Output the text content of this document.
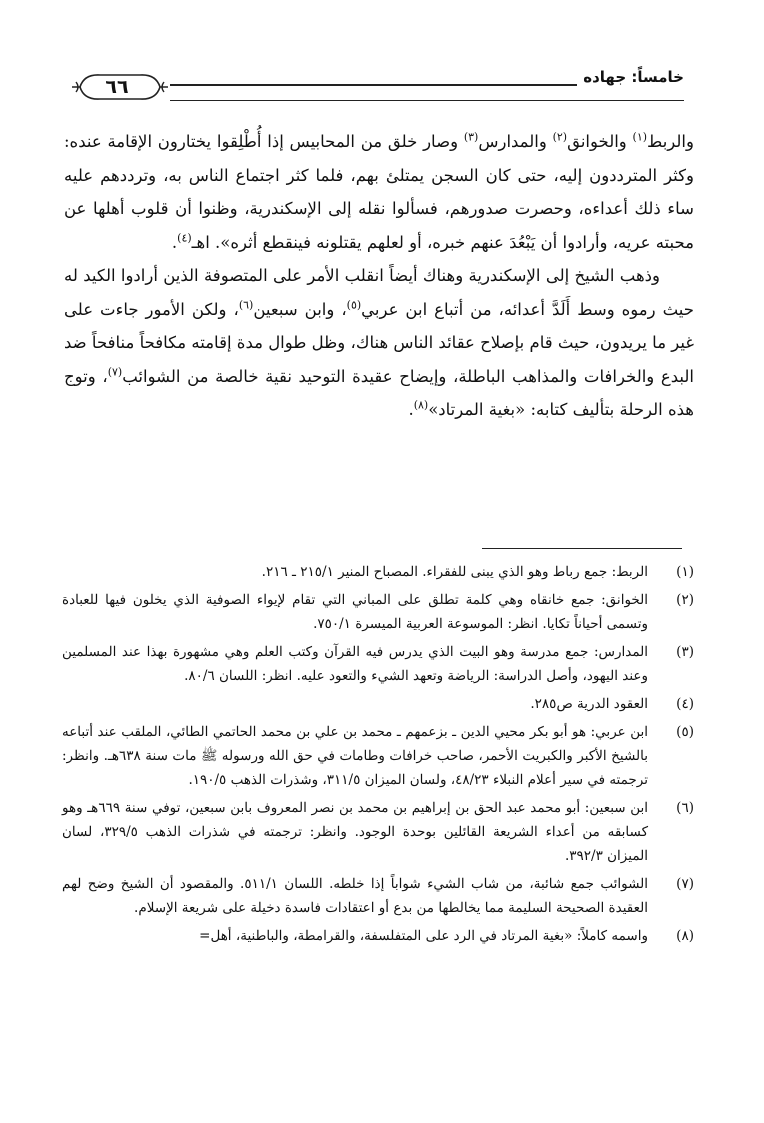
٦٦	خامساً: جهاده

والربط$^{(١)}$ والخوانق$^{(٢)}$ والمدارس$^{(٣)}$ وصار خلق من المحابيس إذا أُطْلِقوا يختارون الإقامة عنده: وكثر المترددون إليه، حتى كان السجن يمتلئ بهم، فلما كثر اجتماع الناس به، وترددهم عليه ساء ذلك أعداءه، وحصرت صدورهم، فسألوا نقله إلى الإسكندرية، وظنوا أن قلوب أهلها عن محبته عريه، وأرادوا أن يَبْعُدَ عنهم خبره، أو لعلهم يقتلونه فينقطع أثره». اهـ$^{(٤)}$.

وذهب الشيخ إلى الإسكندرية وهناك أيضاً انقلب الأمر على المتصوفة الذين أرادوا الكيد له حيث رموه وسط أَلَدَّ أعدائه، من أتباع ابن عربي$^{(٥)}$، وابن سبعين$^{(٦)}$، ولكن الأمور جاءت على غير ما يريدون، حيث قام بإصلاح عقائد الناس هناك، وظل طوال مدة إقامته مكافحاً منافحاً ضد البدع والخرافات والمذاهب الباطلة، وإيضاح عقيدة التوحيد نقية خالصة من الشوائب$^{(٧)}$، وتوج هذه الرحلة بتأليف كتابه: «بغية المرتاد»$^{(٨)}$.

(١)
الربط: جمع رباط وهو الذي يبنى للفقراء. المصباح المنير ٢١٥/١ ـ ٢١٦.
(٢)
الخوانق: جمع خانقاه وهي كلمة تطلق على المباني التي تقام لإيواء الصوفية الذي يخلون فيها للعبادة وتسمى أحياناً تكايا. انظر: الموسوعة العربية الميسرة ٧٥٠/١.
(٣)
المدارس: جمع مدرسة وهو البيت الذي يدرس فيه القرآن وكتب العلم وهي مشهورة بهذا عند المسلمين وعند اليهود، وأصل الدراسة: الرياضة وتعهد الشيء والتعود عليه. انظر: اللسان ٨٠/٦.
(٤)
العقود الدرية ص٢٨٥.
(٥)
ابن عربي: هو أبو بكر محيي الدين ـ بزعمهم ـ محمد بن علي بن محمد الحاتمي الطائي، الملقب عند أتباعه بالشيخ الأكبر والكبريت الأحمر، صاحب خرافات وطامات في حق الله ورسوله ﷺ مات سنة ٦٣٨هـ. وانظر: ترجمته في سير أعلام النبلاء ٤٨/٢٣، ولسان الميزان ٣١١/٥، وشذرات الذهب ١٩٠/٥.
(٦)
ابن سبعين: أبو محمد عبد الحق بن إبراهيم بن محمد بن نصر المعروف بابن سبعين، توفي سنة ٦٦٩هـ وهو كسابقه من أعداء الشريعة القائلين بوحدة الوجود. وانظر: ترجمته في شذرات الذهب ٣٢٩/٥، لسان الميزان ٣٩٢/٣.
(٧)
الشوائب جمع شائبة، من شاب الشيء شواباً إذا خلطه. اللسان ٥١١/١. والمقصود أن الشيخ وضح لهم العقيدة الصحيحة السليمة مما يخالطها من بدع أو اعتقادات فاسدة دخيلة على شريعة الإسلام.
(٨)
واسمه كاملاً: «بغية المرتاد في الرد على المتفلسفة، والقرامطة، والباطنية، أهل=
